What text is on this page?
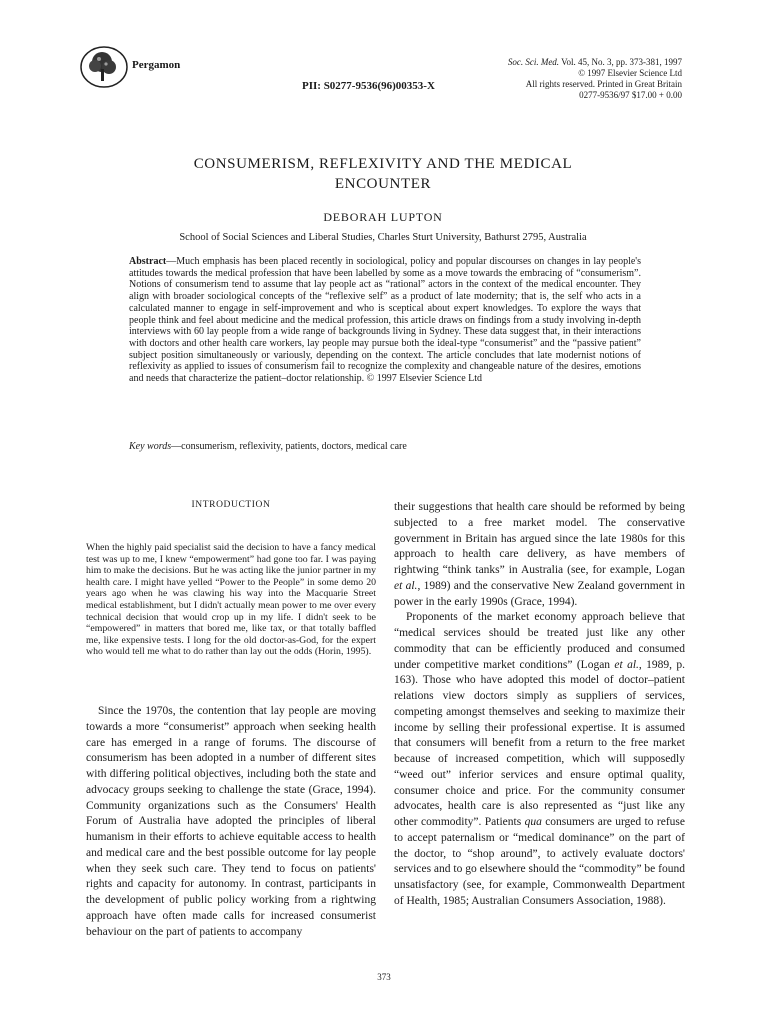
Pergamon
PII: S0277-9536(96)00353-X
Soc. Sci. Med. Vol. 45, No. 3, pp. 373-381, 1997
© 1997 Elsevier Science Ltd
All rights reserved. Printed in Great Britain
0277-9536/97 $17.00 + 0.00
CONSUMERISM, REFLEXIVITY AND THE MEDICAL
ENCOUNTER
DEBORAH LUPTON
School of Social Sciences and Liberal Studies, Charles Sturt University, Bathurst 2795, Australia
Abstract—Much emphasis has been placed recently in sociological, policy and popular discourses on changes in lay people's attitudes towards the medical profession that have been labelled by some as a move towards the embracing of “consumerism”. Notions of consumerism tend to assume that lay people act as “rational” actors in the context of the medical encounter. They align with broader sociological concepts of the “reflexive self” as a product of late modernity; that is, the self who acts in a calculated manner to engage in self-improvement and who is sceptical about expert knowledges. To explore the ways that people think and feel about medicine and the medical profession, this article draws on findings from a study involving in-depth interviews with 60 lay people from a wide range of backgrounds living in Sydney. These data suggest that, in their interactions with doctors and other health care workers, lay people may pursue both the ideal-type “consumerist” and the “passive patient” subject position simultaneously or variously, depending on the context. The article concludes that late modernist notions of reflexivity as applied to issues of consumerism fail to recognize the complexity and changeable nature of the desires, emotions and needs that characterize the patient–doctor relationship. © 1997 Elsevier Science Ltd
Key words—consumerism, reflexivity, patients, doctors, medical care
INTRODUCTION
When the highly paid specialist said the decision to have a fancy medical test was up to me, I knew “empowerment” had gone too far. I was paying him to make the decisions. But he was acting like the junior partner in my health care. I might have yelled “Power to the People” in some demo 20 years ago when he was clawing his way into the Macquarie Street medical establishment, but I didn't actually mean power to me over every technical decision that would crop up in my life. I didn't seek to be “empowered” in matters that bored me, like tax, or that totally baffled me, like expensive tests. I long for the old doctor-as-God, for the expert who would tell me what to do rather than lay out the odds (Horin, 1995).

Since the 1970s, the contention that lay people are moving towards a more “consumerist” approach when seeking health care has emerged in a range of forums. The discourse of consumerism has been adopted in a number of different sites with differing political objectives, including both the state and advocacy groups seeking to challenge the state (Grace, 1994). Community organizations such as the Consumers' Health Forum of Australia have adopted the principles of liberal humanism in their efforts to achieve equitable access to health and medical care and the best possible outcome for lay people when they seek such care. They tend to focus on patients' rights and capacity for autonomy. In contrast, participants in the development of public policy working from a rightwing approach have often made calls for increased consumerist behaviour on the part of patients to accompany

their suggestions that health care should be reformed by being subjected to a free market model. The conservative government in Britain has argued since the late 1980s for this approach to health care delivery, as have members of rightwing “think tanks” in Australia (see, for example, Logan et al., 1989) and the conservative New Zealand government in power in the early 1990s (Grace, 1994).

Proponents of the market economy approach believe that “medical services should be treated just like any other commodity that can be efficiently produced and consumed under competitive market conditions” (Logan et al., 1989, p. 163). Those who have adopted this model of doctor–patient relations view doctors simply as suppliers of services, competing amongst themselves and seeking to maximize their income by selling their professional expertise. It is assumed that consumers will benefit from a return to the free market because of increased competition, which will supposedly “weed out” inferior services and ensure optimal quality, consumer choice and price. For the community consumer advocates, health care is also represented as “just like any other commodity”. Patients qua consumers are urged to refuse to accept paternalism or “medical dominance” on the part of the doctor, to “shop around”, to actively evaluate doctors' services and to go elsewhere should the “commodity” be found unsatisfactory (see, for example, Commonwealth Department of Health, 1985; Australian Consumers Association, 1988).

373
